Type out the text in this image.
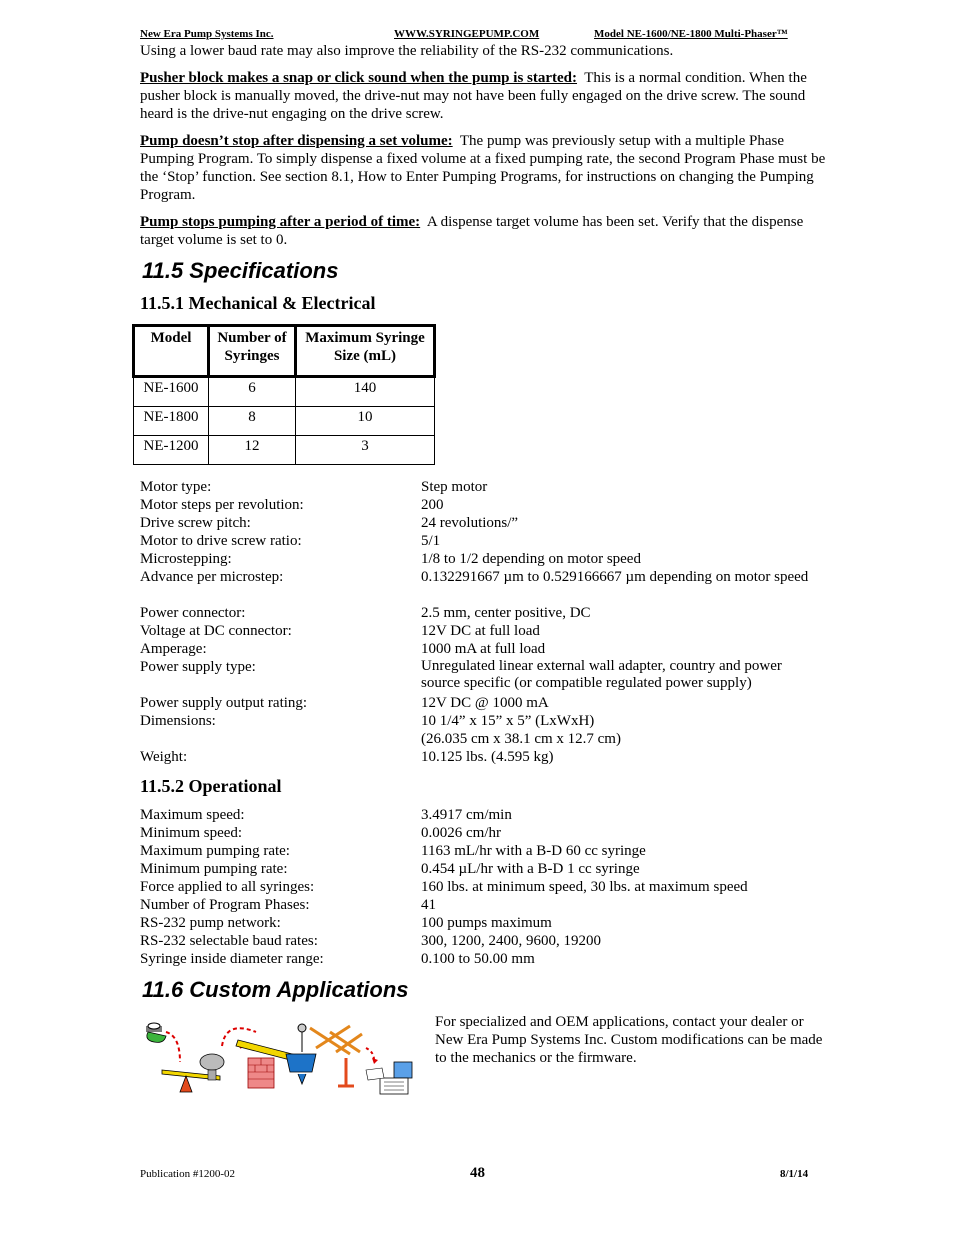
New Era Pump Systems Inc.	WWW.SYRINGEPUMP.COM	Model NE-1600/NE-1800 Multi-Phaser™

Using a lower baud rate may also improve the reliability of the RS-232 communications.

Pusher block makes a snap or click sound when the pump is started: This is a normal condition. When the pusher block is manually moved, the drive-nut may not have been fully engaged on the drive screw. The sound heard is the drive-nut engaging on the drive screw.

Pump doesn’t stop after dispensing a set volume: The pump was previously setup with a multiple Phase Pumping Program. To simply dispense a fixed volume at a fixed pumping rate, the second Program Phase must be the ‘Stop’ function. See section 8.1, How to Enter Pumping Programs, for instructions on changing the Pumping Program.

Pump stops pumping after a period of time: A dispense target volume has been set. Verify that the dispense target volume is set to 0.

11.5 Specifications
11.5.1 Mechanical & Electrical
Model	Number of Syringes	Maximum Syringe Size (mL)
NE-1600	6	140
NE-1800	8	10
NE-1200	12	3
Motor type:	Step motor
Motor steps per revolution:	200
Drive screw pitch:	24 revolutions/”
Motor to drive screw ratio:	5/1
Microstepping:	1/8 to 1/2 depending on motor speed
Advance per microstep:	0.132291667 µm to 0.529166667 µm depending on motor speed
Power connector:	2.5 mm, center positive, DC
Voltage at DC connector:	12V DC at full load
Amperage:	1000 mA at full load
Power supply type:	Unregulated linear external wall adapter, country and power source specific (or compatible regulated power supply)
Power supply output rating:	12V DC @ 1000 mA
Dimensions:	10 1/4” x 15” x 5” (LxWxH) (26.035 cm x 38.1 cm x 12.7 cm)
Weight:	10.125 lbs. (4.595 kg)
11.5.2 Operational
Maximum speed:	3.4917 cm/min
Minimum speed:	0.0026 cm/hr
Maximum pumping rate:	1163 mL/hr with a B-D 60 cc syringe
Minimum pumping rate:	0.454 µL/hr with a B-D 1 cc syringe
Force applied to all syringes:	160 lbs. at minimum speed, 30 lbs. at maximum speed
Number of Program Phases:	41
RS-232 pump network:	100 pumps maximum
RS-232 selectable baud rates:	300, 1200, 2400, 9600, 19200
Syringe inside diameter range:	0.100 to 50.00 mm
11.6 Custom Applications

For specialized and OEM applications, contact your dealer or New Era Pump Systems Inc. Custom modifications can be made to the mechanics or the firmware.

Publication #1200-02	48	8/1/14
